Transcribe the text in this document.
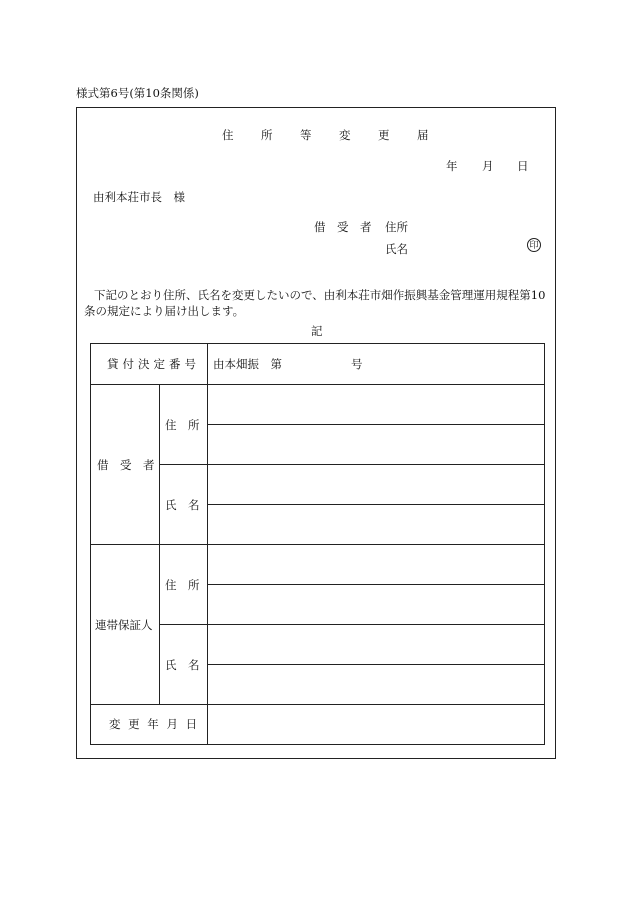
様式第6号(第10条関係)
住　所　等　変　更　届
年 月 日
由利本荘市長　様
借　受　者 住所
氏名	印
下記のとおり住所、氏名を変更したいので、由利本荘市畑作振興基金管理運用規程第10条の規定により届け出します。
記
貸付決定番号 由本畑振　第　　　　　　号
借　受　者
住　所
氏　名
連帯保証人
住　所
氏　名
変 更 年 月 日
